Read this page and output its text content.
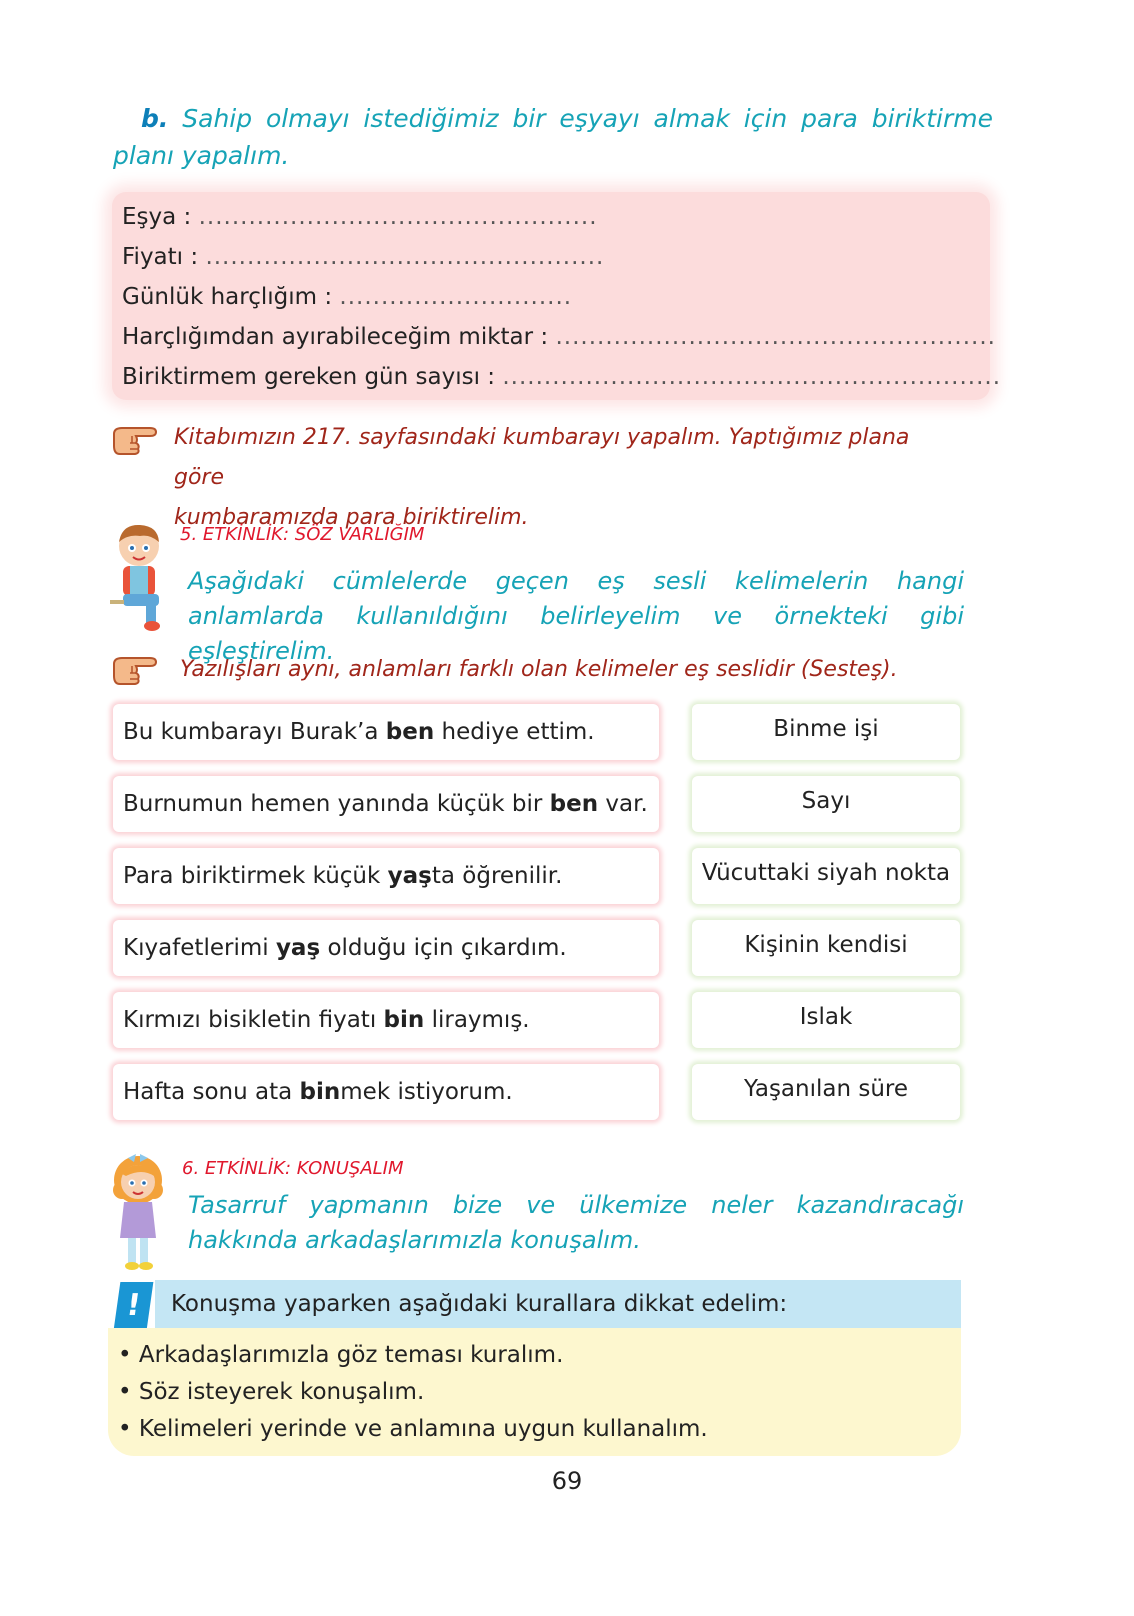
b. Sahip olmayı istediğimiz bir eşyayı almak için para biriktirme planı yapalım.
Eşya : ................................................
Fiyatı : ................................................
Günlük harçlığım : ............................
Harçlığımdan ayırabileceğim miktar : .....................................................
Biriktirmem gereken gün sayısı : ............................................................
Kitabımızın 217. sayfasındaki kumbarayı yapalım. Yaptığımız plana göre
kumbaramızda para biriktirelim.
5. ETKİNLİK: SÖZ VARLIĞIM
Aşağıdaki cümlelerde geçen eş sesli kelimelerin hangi anlamlarda kullanıldığını belirleyelim ve örnekteki gibi eşleştirelim.
Yazılışları aynı, anlamları farklı olan kelimeler eş seslidir (Sesteş).
Bu kumbarayı Burak’a ben hediye ettim.
Burnumun hemen yanında küçük bir ben var.
Para biriktirmek küçük yaşta öğrenilir.
Kıyafetlerimi yaş olduğu için çıkardım.
Kırmızı bisikletin fiyatı bin liraymış.
Hafta sonu ata binmek istiyorum.
Binme işi
Sayı
Vücuttaki siyah nokta
Kişinin kendisi
Islak
Yaşanılan süre
6. ETKİNLİK: KONUŞALIM
Tasarruf yapmanın bize ve ülkemize neler kazandıracağı hakkında arkadaşlarımızla konuşalım.
Konuşma yaparken aşağıdaki kurallara dikkat edelim:
!
• Arkadaşlarımızla göz teması kuralım.
• Söz isteyerek konuşalım.
• Kelimeleri yerinde ve anlamına uygun kullanalım.
69
